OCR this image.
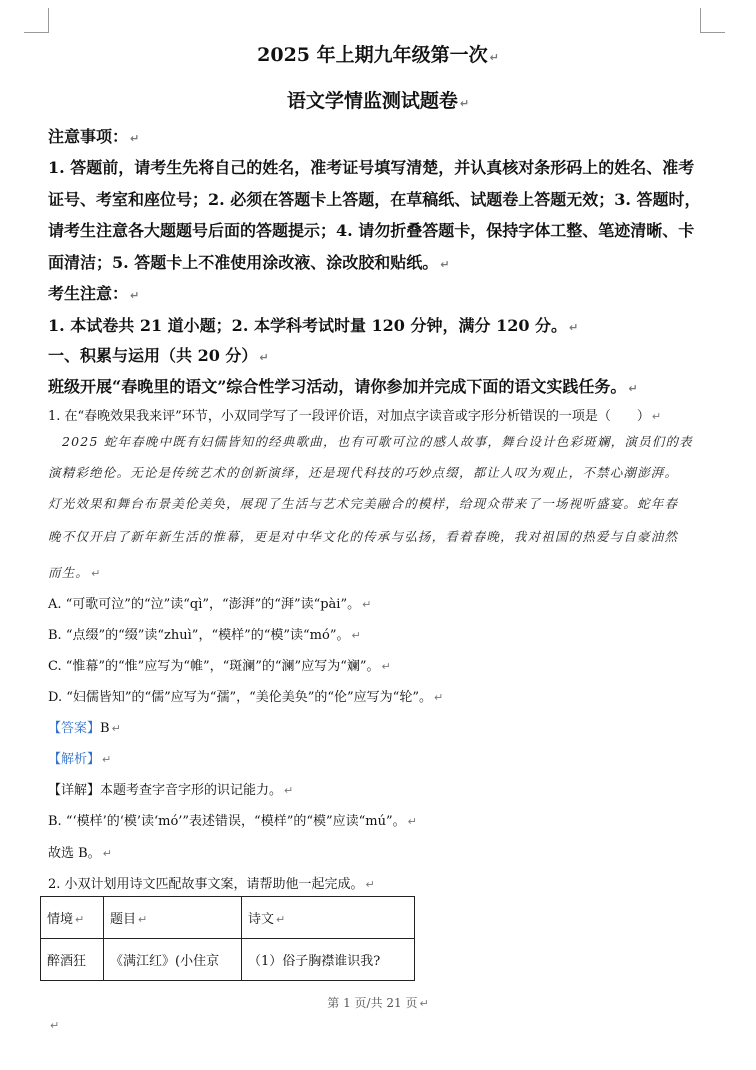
2025 年上期九年级第一次 ↵
语文学情监测试题卷 ↵
注意事项： ↵
1. 答题前，请考生先将自己的姓名，准考证号填写清楚，并认真核对条形码上的姓名、准考
证号、考室和座位号；2. 必须在答题卡上答题，在草稿纸、试题卷上答题无效；3. 答题时，
请考生注意各大题题号后面的答题提示；4. 请勿折叠答题卡，保持字体工整、笔迹清晰、卡
面清洁；5. 答题卡上不准使用涂改液、涂改胶和贴纸。 ↵
考生注意： ↵
1. 本试卷共 21 道小题；2. 本学科考试时量 120 分钟，满分 120 分。 ↵
一、积累与运用（共 20 分） ↵
班级开展“春晚里的语文”综合性学习活动，请你参加并完成下面的语文实践任务。 ↵
1. 在“春晚效果我来评”环节，小双同学写了一段评价语，对加点字读音或字形分析错误的一项是（　　） ↵
2025 蛇年春晚中既有妇儒皆知的经典歌曲，也有可歌可泣的感人故事，舞台设计色彩斑斓，演员们的表
演精彩绝伦。无论是传统艺术的创新演绎，还是现代科技的巧妙点缀，都让人叹为观止，不禁心潮澎湃。
灯光效果和舞台布景美伦美奂，展现了生活与艺术完美融合的模样，给现众带来了一场视听盛宴。蛇年春
晚不仅开启了新年新生活的惟幕，更是对中华文化的传承与弘扬，看着春晚，我对祖国的热爱与自豪油然
而生。 ↵
A. “可歌可泣”的“泣”读“qì”，“澎湃”的“湃”读“pài”。 ↵
B. “点缀”的“缀”读“zhuì”，“模样”的“模”读“mó”。 ↵
C. “惟幕”的“惟”应写为“帷”，“斑澜”的“澜”应写为“斓”。 ↵
D. “妇儒皆知”的“儒”应写为“孺”，“美伦美奂”的“伦”应写为“轮”。 ↵
【答案】B ↵
【解析】 ↵
【详解】本题考查字音字形的识记能力。 ↵
B. “‘模样’的‘模’读‘mó’”表述错误，“模样”的“模”应读“mú”。 ↵
故选 B。 ↵
2. 小双计划用诗文匹配故事文案，请帮助他一起完成。 ↵
情境 ↵	题目 ↵	诗文 ↵
醉酒狂	《满江红》(小住京	（1）俗子胸襟谁识我?
第 1 页/共 21 页 ↵
↵
